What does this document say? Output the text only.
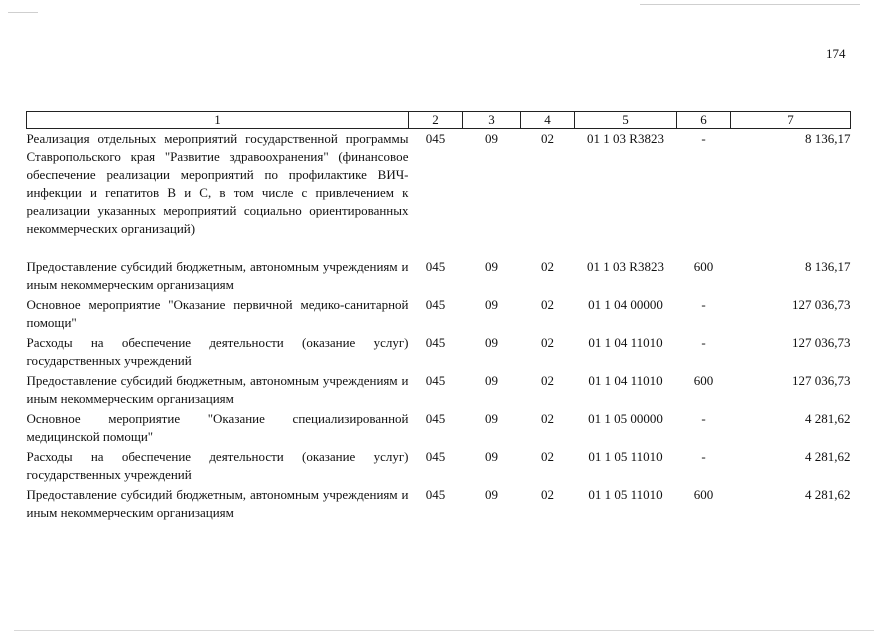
174
1	2	3	4	5	6	7
Реализация отдельных мероприятий государственной программы Ставропольского края "Развитие здравоохранения" (финансовое обеспечение реализации мероприятий по профилактике ВИЧ-инфекции и гепатитов В и С, в том числе с привлечением к реализации указанных мероприятий социально ориентированных некоммерческих организаций)	045	09	02	01 1 03 R3823	-	8 136,17
Предоставление субсидий бюджетным, автономным учреждениям и иным некоммерческим организациям	045	09	02	01 1 03 R3823	600	8 136,17
Основное мероприятие "Оказание первичной медико-санитарной помощи"	045	09	02	01 1 04 00000	-	127 036,73
Расходы на обеспечение деятельности (оказание услуг) государственных учреждений	045	09	02	01 1 04 11010	-	127 036,73
Предоставление субсидий бюджетным, автономным учреждениям и иным некоммерческим организациям	045	09	02	01 1 04 11010	600	127 036,73
Основное мероприятие "Оказание специализированной медицинской помощи"	045	09	02	01 1 05 00000	-	4 281,62
Расходы на обеспечение деятельности (оказание услуг) государственных учреждений	045	09	02	01 1 05 11010	-	4 281,62
Предоставление субсидий бюджетным, автономным учреждениям и иным некоммерческим организациям	045	09	02	01 1 05 11010	600	4 281,62
